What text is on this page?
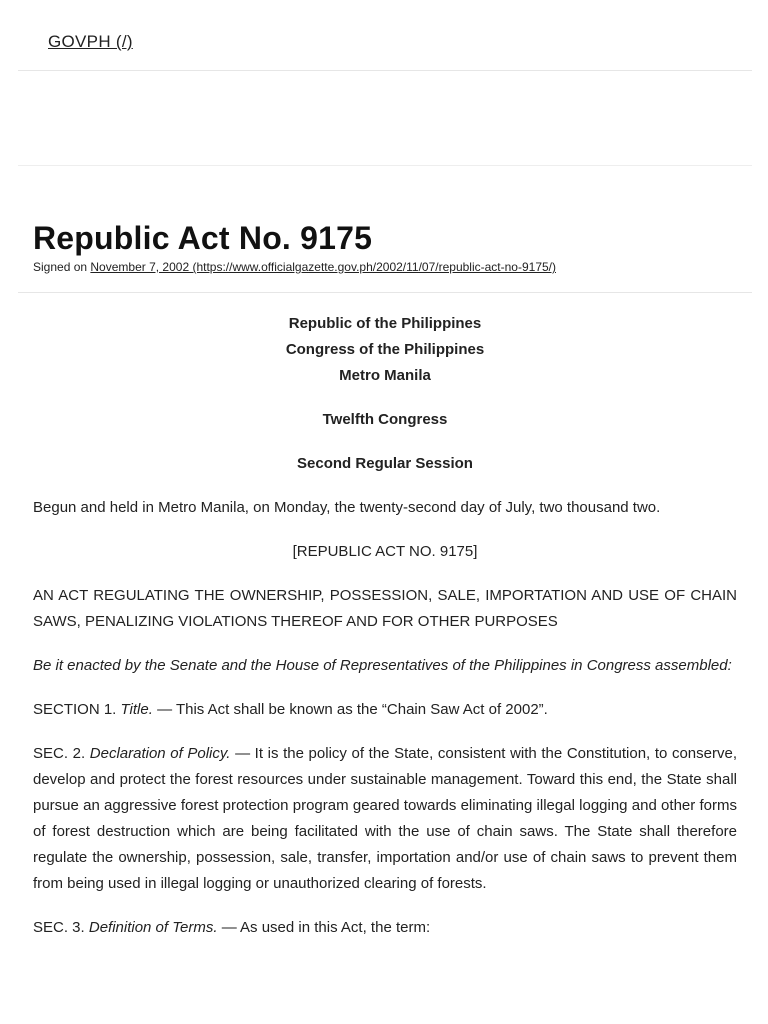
GOVPH (/)
Republic Act No. 9175
Signed on November 7, 2002 (https://www.officialgazette.gov.ph/2002/11/07/republic-act-no-9175/)

Republic of the Philippines

Congress of the Philippines

Metro Manila

Twelfth Congress

Second Regular Session

Begun and held in Metro Manila, on Monday, the twenty-second day of July, two thousand two.

[REPUBLIC ACT NO. 9175]

AN ACT REGULATING THE OWNERSHIP, POSSESSION, SALE, IMPORTATION AND USE OF CHAIN SAWS, PENALIZING VIOLATIONS THEREOF AND FOR OTHER PURPOSES

Be it enacted by the Senate and the House of Representatives of the Philippines in Congress assembled:

SECTION 1. Title. — This Act shall be known as the “Chain Saw Act of 2002”.

SEC. 2. Declaration of Policy. — It is the policy of the State, consistent with the Constitution, to conserve, develop and protect the forest resources under sustainable management. Toward this end, the State shall pursue an aggressive forest protection program geared towards eliminating illegal logging and other forms of forest destruction which are being facilitated with the use of chain saws. The State shall therefore regulate the ownership, possession, sale, transfer, importation and/or use of chain saws to prevent them from being used in illegal logging or unauthorized clearing of forests.

SEC. 3. Definition of Terms. — As used in this Act, the term:
